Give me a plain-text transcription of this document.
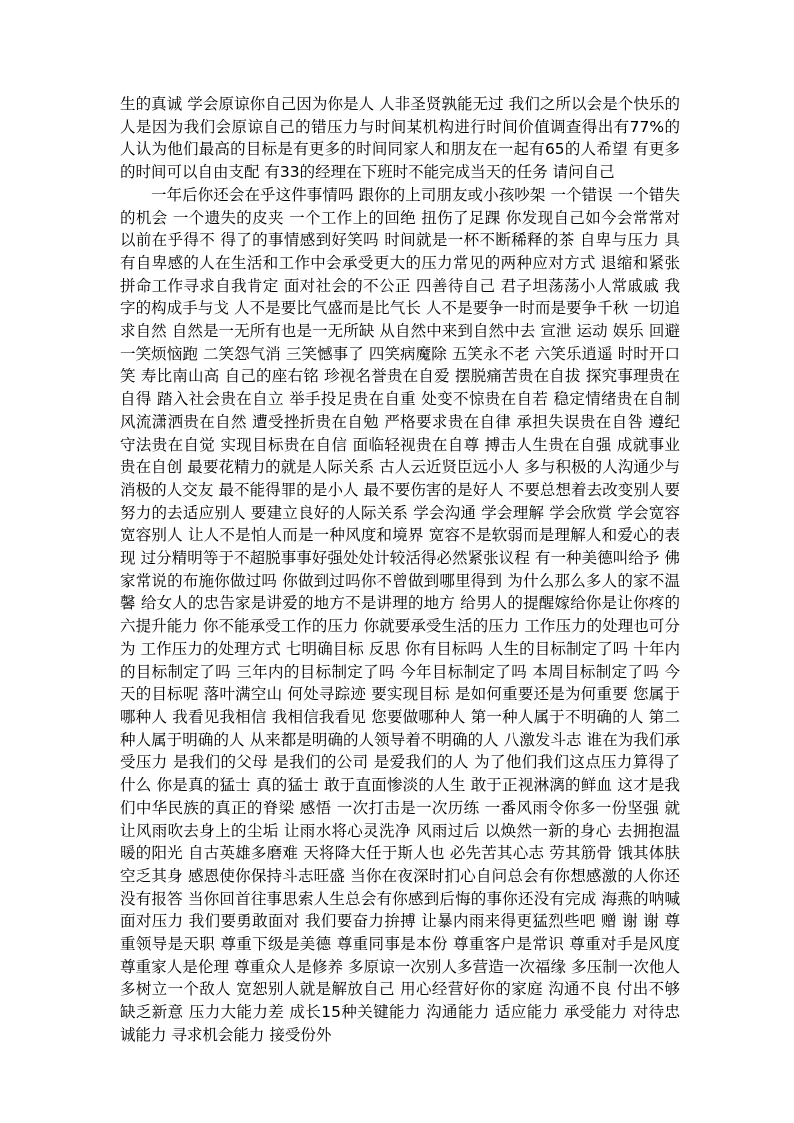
生的真诚 学会原谅你自己因为你是人 人非圣贤孰能无过 我们之所以会是个快乐的人是因为我们会原谅自己的错压力与时间某机构进行时间价值调查得出有77%的人认为他们最高的目标是有更多的时间同家人和朋友在一起有65的人希望 有更多的时间可以自由支配 有33的经理在下班时不能完成当天的任务 请问自己

一年后你还会在乎这件事情吗 跟你的上司朋友或小孩吵架 一个错误 一个错失的机会 一个遗失的皮夹 一个工作上的回绝 扭伤了足踝 你发现自己如今会常常对以前在乎得不 得了的事情感到好笑吗 时间就是一杯不断稀释的茶 自卑与压力 具有自卑感的人在生活和工作中会承受更大的压力常见的两种应对方式 退缩和紧张 拼命工作寻求自我肯定 面对社会的不公正 四善待自己 君子坦荡荡小人常戚戚 我字的构成手与戈 人不是要比气盛而是比气长 人不是要争一时而是要争千秋 一切追求自然 自然是一无所有也是一无所缺 从自然中来到自然中去 宣泄 运动 娱乐 回避 一笑烦恼跑 二笑怨气消 三笑憾事了 四笑病魔除 五笑永不老 六笑乐逍遥 时时开口笑 寿比南山高 自己的座右铭 珍视名誉贵在自爱 摆脱痛苦贵在自拔 探究事理贵在自得 踏入社会贵在自立 举手投足贵在自重 处变不惊贵在自若 稳定情绪贵在自制 风流潇洒贵在自然 遭受挫折贵在自勉 严格要求贵在自律 承担失误贵在自咎 遵纪守法贵在自觉 实现目标贵在自信 面临轻视贵在自尊 搏击人生贵在自强 成就事业贵在自创 最要花精力的就是人际关系 古人云近贤臣远小人 多与积极的人沟通少与消极的人交友 最不能得罪的是小人 最不要伤害的是好人 不要总想着去改变别人要努力的去适应别人 要建立良好的人际关系 学会沟通 学会理解 学会欣赏 学会宽容 宽容别人 让人不是怕人而是一种风度和境界 宽容不是软弱而是理解人和爱心的表现 过分精明等于不超脱事事好强处处计较活得必然紧张议程 有一种美德叫给予 佛家常说的布施你做过吗 你做到过吗你不曾做到哪里得到 为什么那么多人的家不温馨 给女人的忠告家是讲爱的地方不是讲理的地方 给男人的提醒嫁给你是让你疼的 六提升能力 你不能承受工作的压力 你就要承受生活的压力 工作压力的处理也可分为 工作压力的处理方式 七明确目标 反思 你有目标吗 人生的目标制定了吗 十年内的目标制定了吗 三年内的目标制定了吗 今年目标制定了吗 本周目标制定了吗 今天的目标呢 落叶满空山 何处寻踪迹 要实现目标 是如何重要还是为何重要 您属于哪种人 我看见我相信 我相信我看见 您要做哪种人 第一种人属于不明确的人 第二种人属于明确的人 从来都是明确的人领导着不明确的人 八激发斗志 谁在为我们承受压力 是我们的父母 是我们的公司 是爱我们的人 为了他们我们这点压力算得了什么 你是真的猛士 真的猛士 敢于直面惨淡的人生 敢于正视淋漓的鲜血 这才是我们中华民族的真正的脊梁 感悟 一次打击是一次历练 一番风雨令你多一份坚强 就让风雨吹去身上的尘垢 让雨水将心灵洗净 风雨过后 以焕然一新的身心 去拥抱温暖的阳光 自古英雄多磨难 天将降大任于斯人也 必先苦其心志 劳其筋骨 饿其体肤 空乏其身 感恩使你保持斗志旺盛 当你在夜深时扪心自问总会有你想感激的人你还没有报答 当你回首往事思索人生总会有你感到后悔的事你还没有完成 海燕的呐喊 面对压力 我们要勇敢面对 我们要奋力拚搏 让暴内雨来得更猛烈些吧 赠 谢 谢 尊重领导是天职 尊重下级是美德 尊重同事是本份 尊重客户是常识 尊重对手是风度 尊重家人是伦理 尊重众人是修养 多原谅一次别人多营造一次福缘 多压制一次他人多树立一个敌人 宽恕别人就是解放自己 用心经营好你的家庭 沟通不良 付出不够 缺乏新意 压力大能力差 成长15种关键能力 沟通能力 适应能力 承受能力 对待忠诚能力 寻求机会能力 接受份外
